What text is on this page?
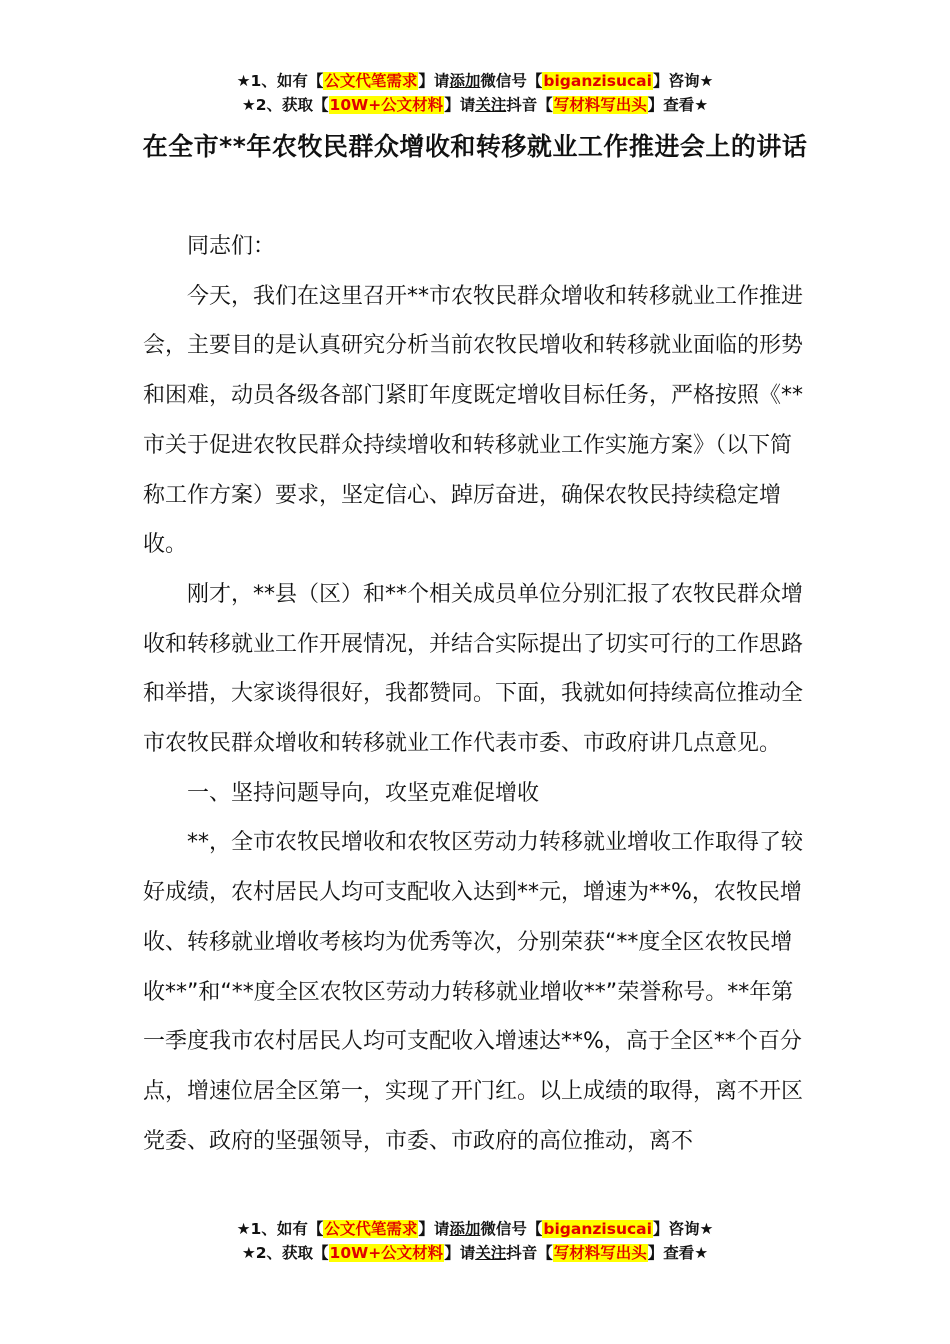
★1、如有【公文代笔需求】请添加微信号【biganzisucai】咨询★
★2、获取【10W+公文材料】请关注抖音【写材料写出头】查看★
在全市**年农牧民群众增收和转移就业工作推进会上的讲话

同志们：

今天，我们在这里召开**市农牧民群众增收和转移就业工作推进会，主要目的是认真研究分析当前农牧民增收和转移就业面临的形势和困难，动员各级各部门紧盯年度既定增收目标任务，严格按照《**市关于促进农牧民群众持续增收和转移就业工作实施方案》（以下简称工作方案）要求，坚定信心、踔厉奋进，确保农牧民持续稳定增收。

刚才，**县（区）和**个相关成员单位分别汇报了农牧民群众增收和转移就业工作开展情况，并结合实际提出了切实可行的工作思路和举措，大家谈得很好，我都赞同。下面，我就如何持续高位推动全市农牧民群众增收和转移就业工作代表市委、市政府讲几点意见。

一、坚持问题导向，攻坚克难促增收

**，全市农牧民增收和农牧区劳动力转移就业增收工作取得了较好成绩，农村居民人均可支配收入达到**元，增速为**%，农牧民增收、转移就业增收考核均为优秀等次，分别荣获“**度全区农牧民增收**”和“**度全区农牧区劳动力转移就业增收**”荣誉称号。**年第一季度我市农村居民人均可支配收入增速达**%，高于全区**个百分点，增速位居全区第一，实现了开门红。以上成绩的取得，离不开区党委、政府的坚强领导，市委、市政府的高位推动，离不

★1、如有【公文代笔需求】请添加微信号【biganzisucai】咨询★
★2、获取【10W+公文材料】请关注抖音【写材料写出头】查看★
